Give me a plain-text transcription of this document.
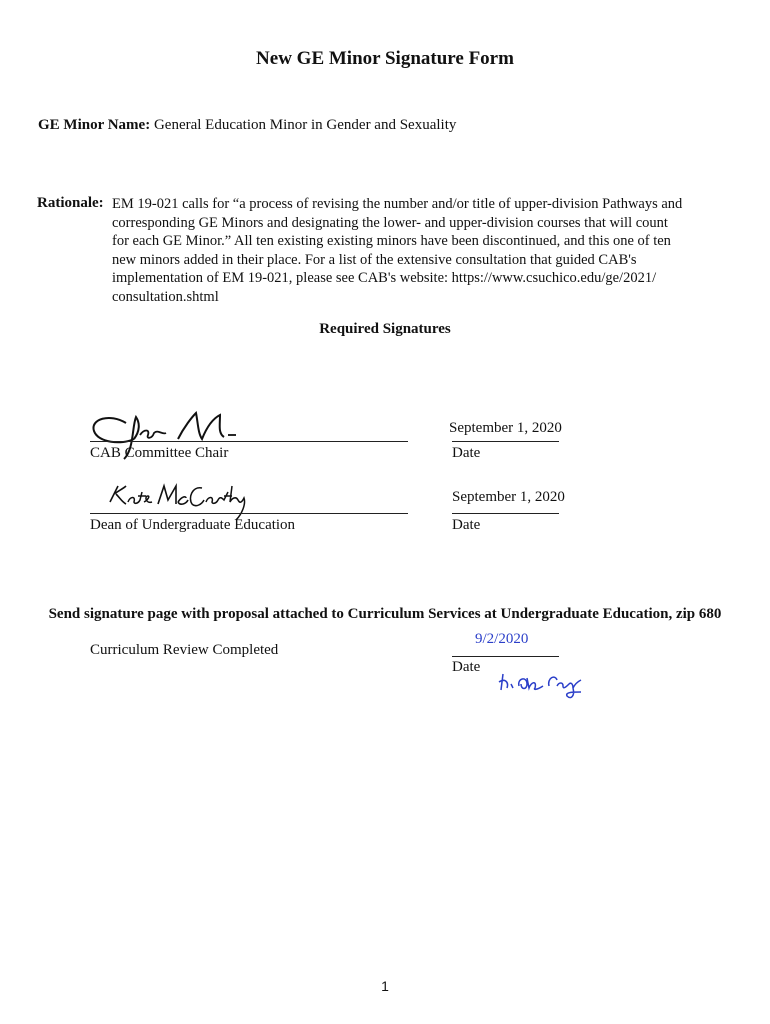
New GE Minor Signature Form
GE Minor Name: General Education Minor in Gender and Sexuality
Rationale: EM 19-021 calls for “a process of revising the number and/or title of upper-division Pathways and
corresponding GE Minors and designating the lower- and upper-division courses that will count
for each GE Minor.” All ten existing existing minors have been discontinued, and this one of ten
new minors added in their place. For a list of the extensive consultation that guided CAB's
implementation of EM 19-021, please see CAB's website: https://www.csuchico.edu/ge/2021/
consultation.shtml
Required Signatures
CAB Committee Chair
September 1, 2020
Date
Dean of Undergraduate Education
September 1, 2020
Date
Send signature page with proposal attached to Curriculum Services at Undergraduate Education, zip 680
Curriculum Review Completed
9/2/2020
Date
1
